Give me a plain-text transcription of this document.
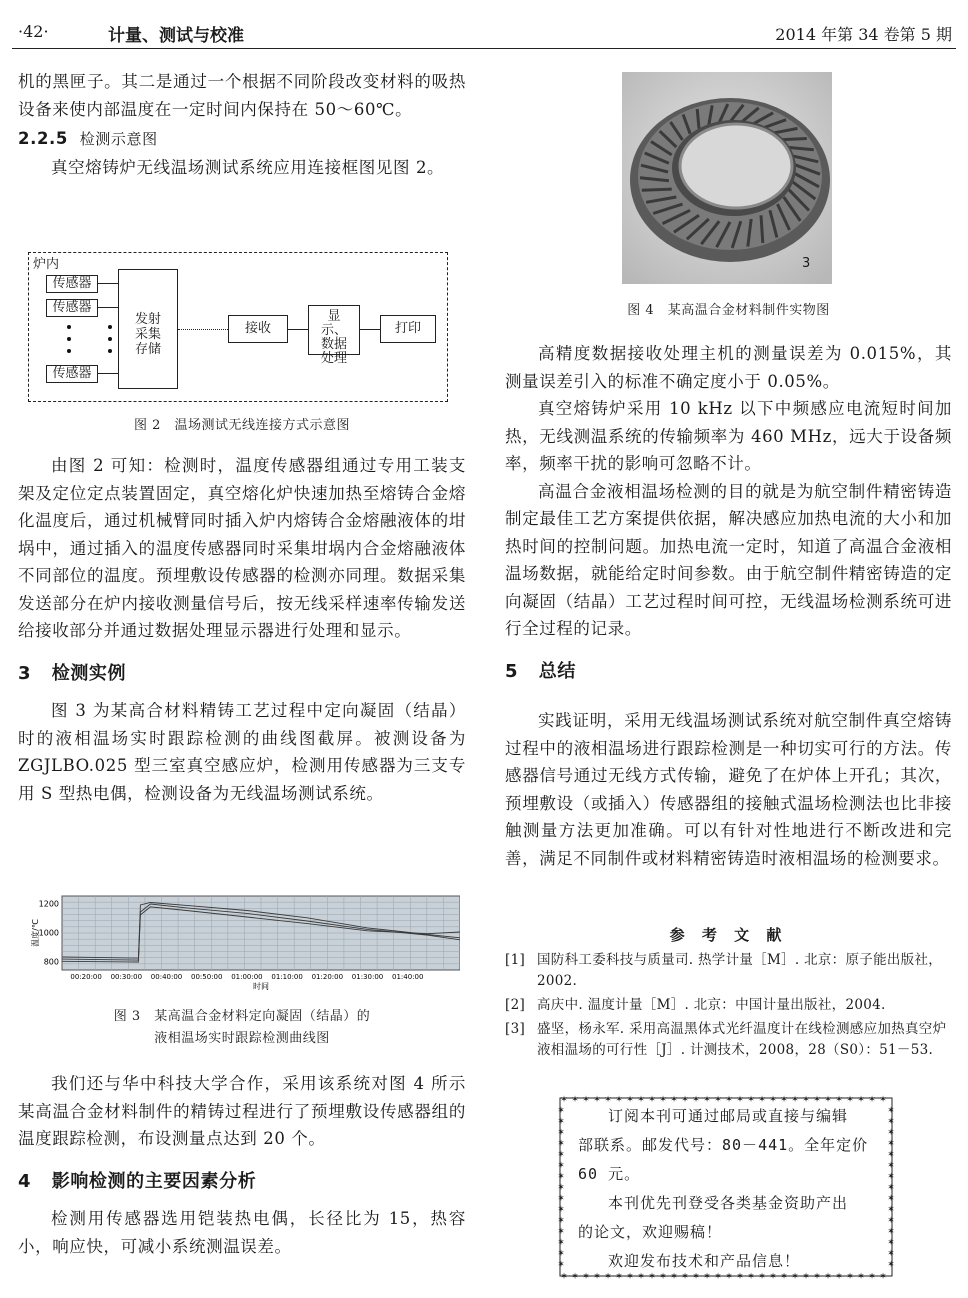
·42·	计量、测试与校准	2014 年第 34 卷第 5 期

机的黑匣子。其二是通过一个根据不同阶段改变材料的吸热设备来使内部温度在一定时间内保持在 50～60℃。

2.2.5 检测示意图

真空熔铸炉无线温场测试系统应用连接框图见图 2。

炉内
传感器
传感器
传感器
发射采集存储
接收
显示、数据处理
打印
图 2　温场测试无线连接方式示意图

由图 2 可知：检测时，温度传感器组通过专用工装支架及定位定点装置固定，真空熔化炉快速加热至熔铸合金熔化温度后，通过机械臂同时插入炉内熔铸合金熔融液体的坩埚中，通过插入的温度传感器同时采集坩埚内合金熔融液体不同部位的温度。预埋敷设传感器的检测亦同理。数据采集发送部分在炉内接收测量信号后，按无线采样速率传输发送给接收部分并通过数据处理显示器进行处理和显示。

3 检测实例

图 3 为某高合材料精铸工艺过程中定向凝固（结晶）时的液相温场实时跟踪检测的曲线图截屏。被测设备为 ZGJLBO.025 型三室真空感应炉，检测用传感器为三支专用 S 型热电偶，检测设备为无线温场测试系统。

1200
1000
800
00:20:00 00:30:00 00:40:00 00:50:00 01:00:00 01:10:00 01:20:00 01:30:00 01:40:00
温度/℃
时间
图 3　某高温合金材料定向凝固（结晶）的
液相温场实时跟踪检测曲线图

我们还与华中科技大学合作，采用该系统对图 4 所示某高温合金材料制件的精铸过程进行了预埋敷设传感器组的温度跟踪检测，布设测量点达到 20 个。

4 影响检测的主要因素分析

检测用传感器选用铠装热电偶，长径比为 15，热容小，响应快，可减小系统测温误差。

3
图 4　某高温合金材料制件实物图

高精度数据接收处理主机的测量误差为 0.015%，其测量误差引入的标准不确定度小于 0.05%。

真空熔铸炉采用 10 kHz 以下中频感应电流短时间加热，无线测温系统的传输频率为 460 MHz，远大于设备频率，频率干扰的影响可忽略不计。

高温合金液相温场检测的目的就是为航空制件精密铸造制定最佳工艺方案提供依据，解决感应加热电流的大小和加热时间的控制问题。加热电流一定时，知道了高温合金液相温场数据，就能给定时间参数。由于航空制件精密铸造的定向凝固（结晶）工艺过程时间可控，无线温场检测系统可进行全过程的记录。

5 总结

实践证明，采用无线温场测试系统对航空制件真空熔铸过程中的液相温场进行跟踪检测是一种切实可行的方法。传感器信号通过无线方式传输，避免了在炉体上开孔；其次，预埋敷设（或插入）传感器组的接触式温场检测法也比非接触测量方法更加准确。可以有针对性地进行不断改进和完善，满足不同制件或材料精密铸造时液相温场的检测要求。

参 考 文 献
[1] 国防科工委科技与质量司. 热学计量［M］. 北京：原子能出版社，2002.
[2] 高庆中. 温度计量［M］. 北京：中国计量出版社，2004.
[3] 盛坚，杨永军. 采用高温黑体式光纤温度计在线检测感应加热真空炉液相温场的可行性［J］. 计测技术，2008，28（S0）：51－53.
✶
✶
✶
✶
✶
✶
✶
✶
✶
✶
✶
✶
✶
✶
✶
✶
✶
✶
✶
✶
✶
✶
✶
✶
✶
✶
✶
✶
✶
✶
✶
✶
✶
✶
✶
✶
✶
✶
✶
✶
✶
✶
✶
✶
✶
✶
✶
✶
✶
✶
✶
✶
✶
✶
✶
✶
✶
✶
✶
✶
✶	✶
✶	✶
✶	✶
✶	✶
✶	✶
✶	✶
✶	✶
✶	✶
✶	✶
✶	✶
✶	✶
✶	✶
✶	✶
✶	✶
✶	✶
订阅本刊可通过邮局或直接与编辑
部联系。邮发代号：80－441。全年定价
60 元。
本刊优先刊登受各类基金资助产出
的论文，欢迎赐稿！
欢迎发布技术和产品信息！
